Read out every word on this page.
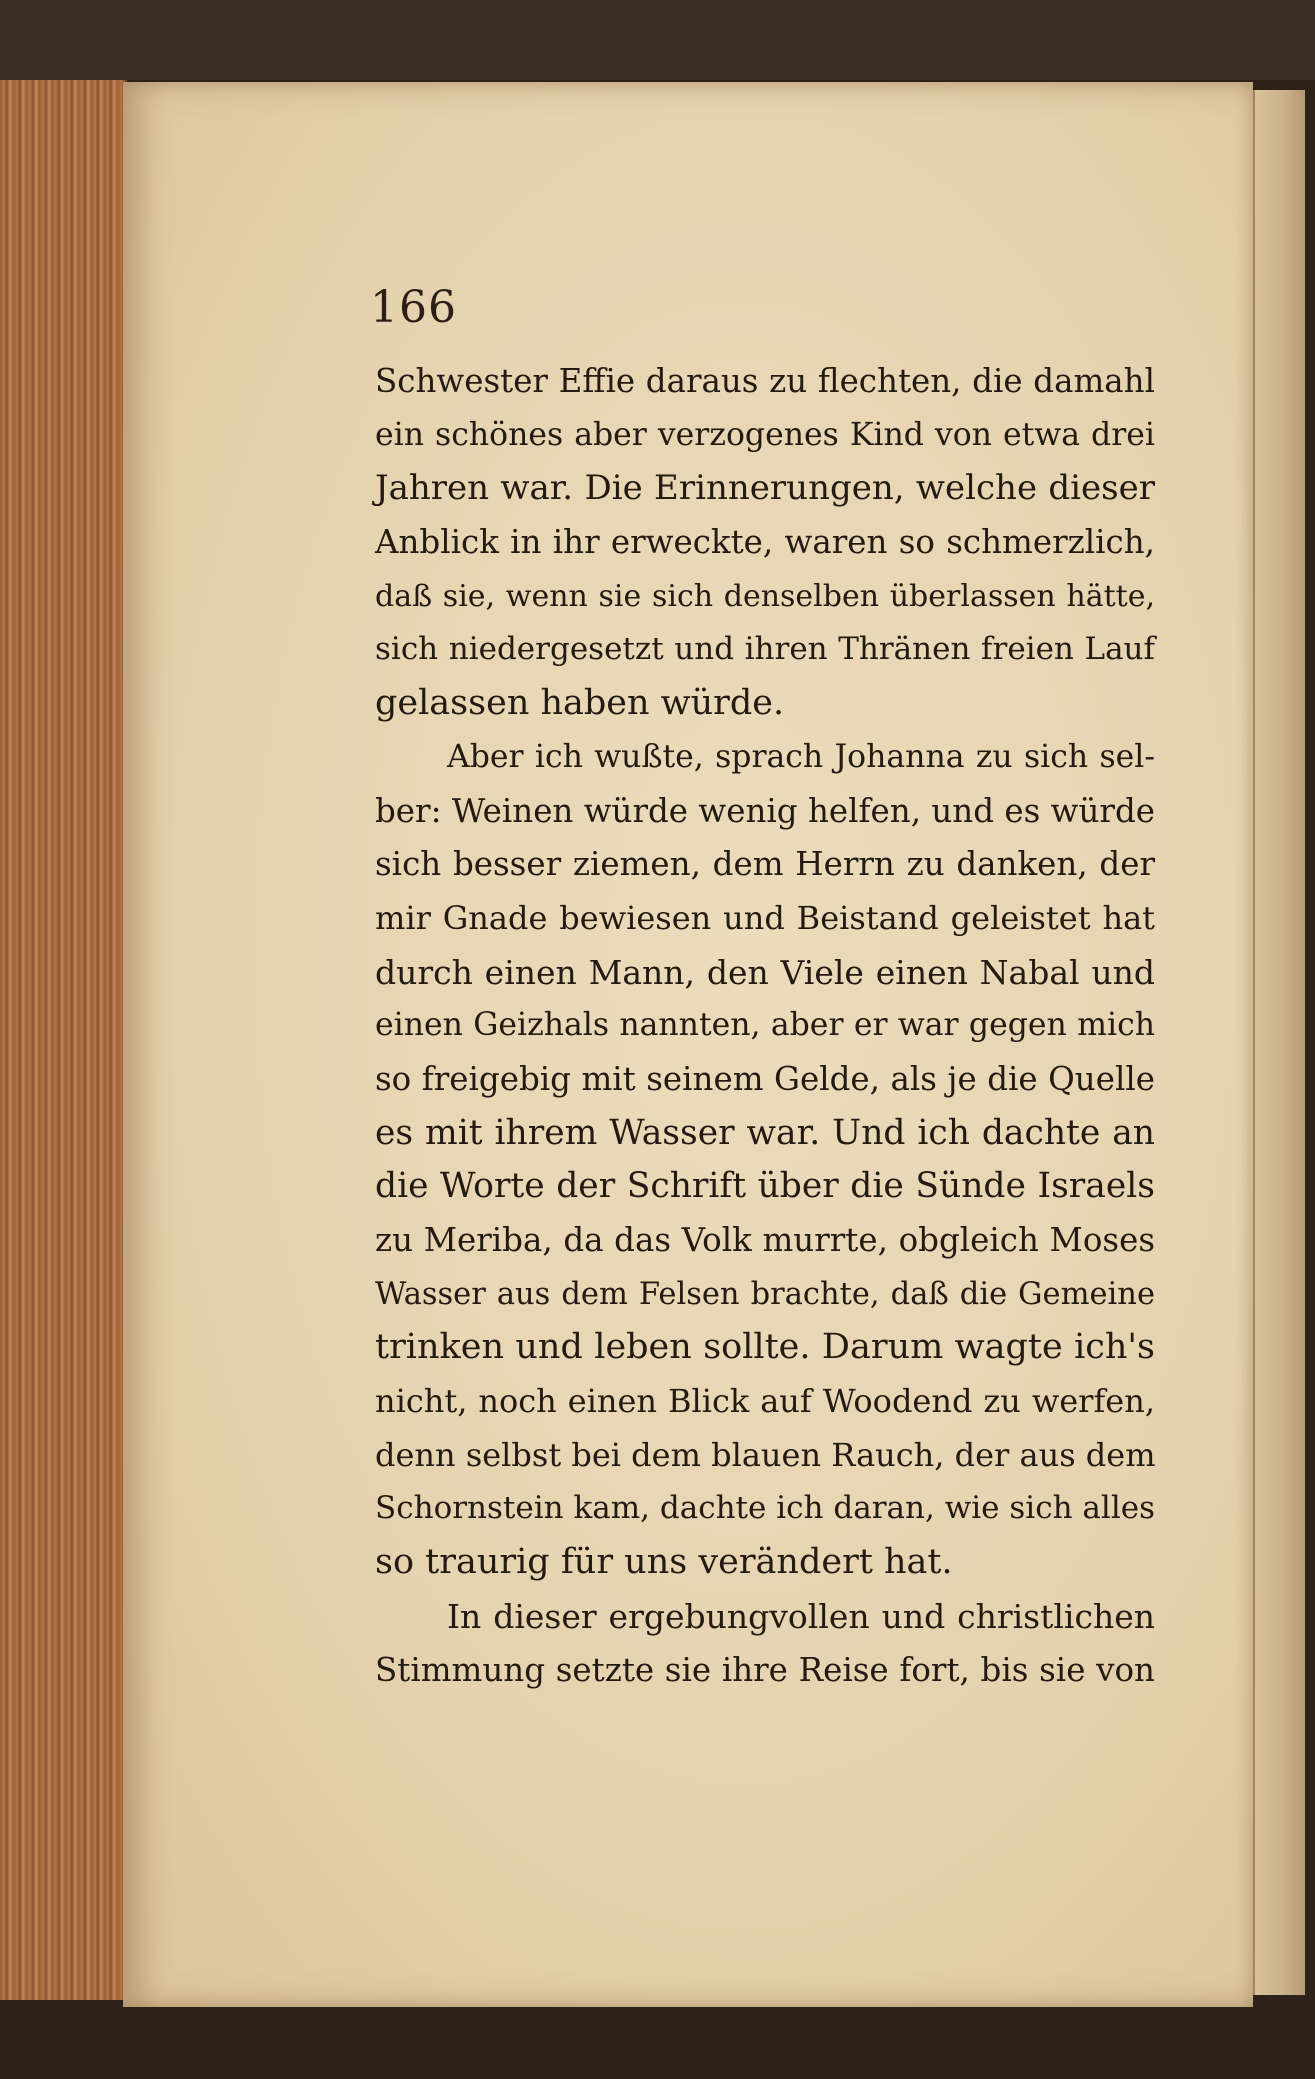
166
Schwester Effie daraus zu flechten, die damahl
ein schönes aber verzogenes Kind von etwa drei
Jahren war. Die Erinnerungen, welche dieser
Anblick in ihr erweckte, waren so schmerzlich,
daß sie, wenn sie sich denselben überlassen hätte,
sich niedergesetzt und ihren Thränen freien Lauf
gelassen haben würde.
Aber ich wußte, sprach Johanna zu sich sel-
ber: Weinen würde wenig helfen, und es würde
sich besser ziemen, dem Herrn zu danken, der
mir Gnade bewiesen und Beistand geleistet hat
durch einen Mann, den Viele einen Nabal und
einen Geizhals nannten, aber er war gegen mich
so freigebig mit seinem Gelde, als je die Quelle
es mit ihrem Wasser war. Und ich dachte an
die Worte der Schrift über die Sünde Israels
zu Meriba, da das Volk murrte, obgleich Moses
Wasser aus dem Felsen brachte, daß die Gemeine
trinken und leben sollte. Darum wagte ich's
nicht, noch einen Blick auf Woodend zu werfen,
denn selbst bei dem blauen Rauch, der aus dem
Schornstein kam, dachte ich daran, wie sich alles
so traurig für uns verändert hat.
In dieser ergebungvollen und christlichen
Stimmung setzte sie ihre Reise fort, bis sie von
